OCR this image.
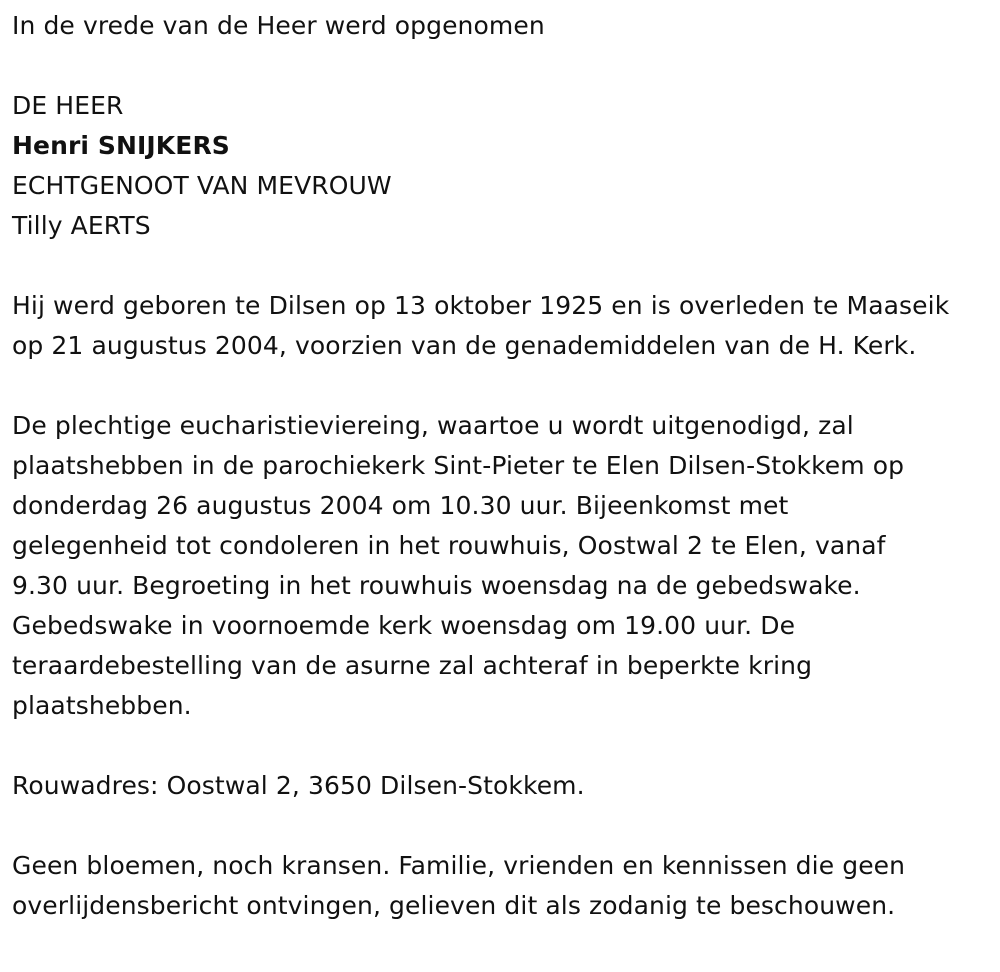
In de vrede van de Heer werd opgenomen
DE HEER
Henri SNIJKERS
ECHTGENOOT VAN MEVROUW
Tilly AERTS
Hij werd geboren te Dilsen op 13 oktober 1925 en is overleden te Maaseik
op 21 augustus 2004, voorzien van de genademiddelen van de H. Kerk.
De plechtige eucharistieviereing, waartoe u wordt uitgenodigd, zal
plaatshebben in de parochiekerk Sint-Pieter te Elen Dilsen-Stokkem op
donderdag 26 augustus 2004 om 10.30 uur. Bijeenkomst met
gelegenheid tot condoleren in het rouwhuis, Oostwal 2 te Elen, vanaf
9.30 uur. Begroeting in het rouwhuis woensdag na de gebedswake.
Gebedswake in voornoemde kerk woensdag om 19.00 uur. De
teraardebestelling van de asurne zal achteraf in beperkte kring
plaatshebben.
Rouwadres: Oostwal 2, 3650 Dilsen-Stokkem.
Geen bloemen, noch kransen. Familie, vrienden en kennissen die geen
overlijdensbericht ontvingen, gelieven dit als zodanig te beschouwen.
